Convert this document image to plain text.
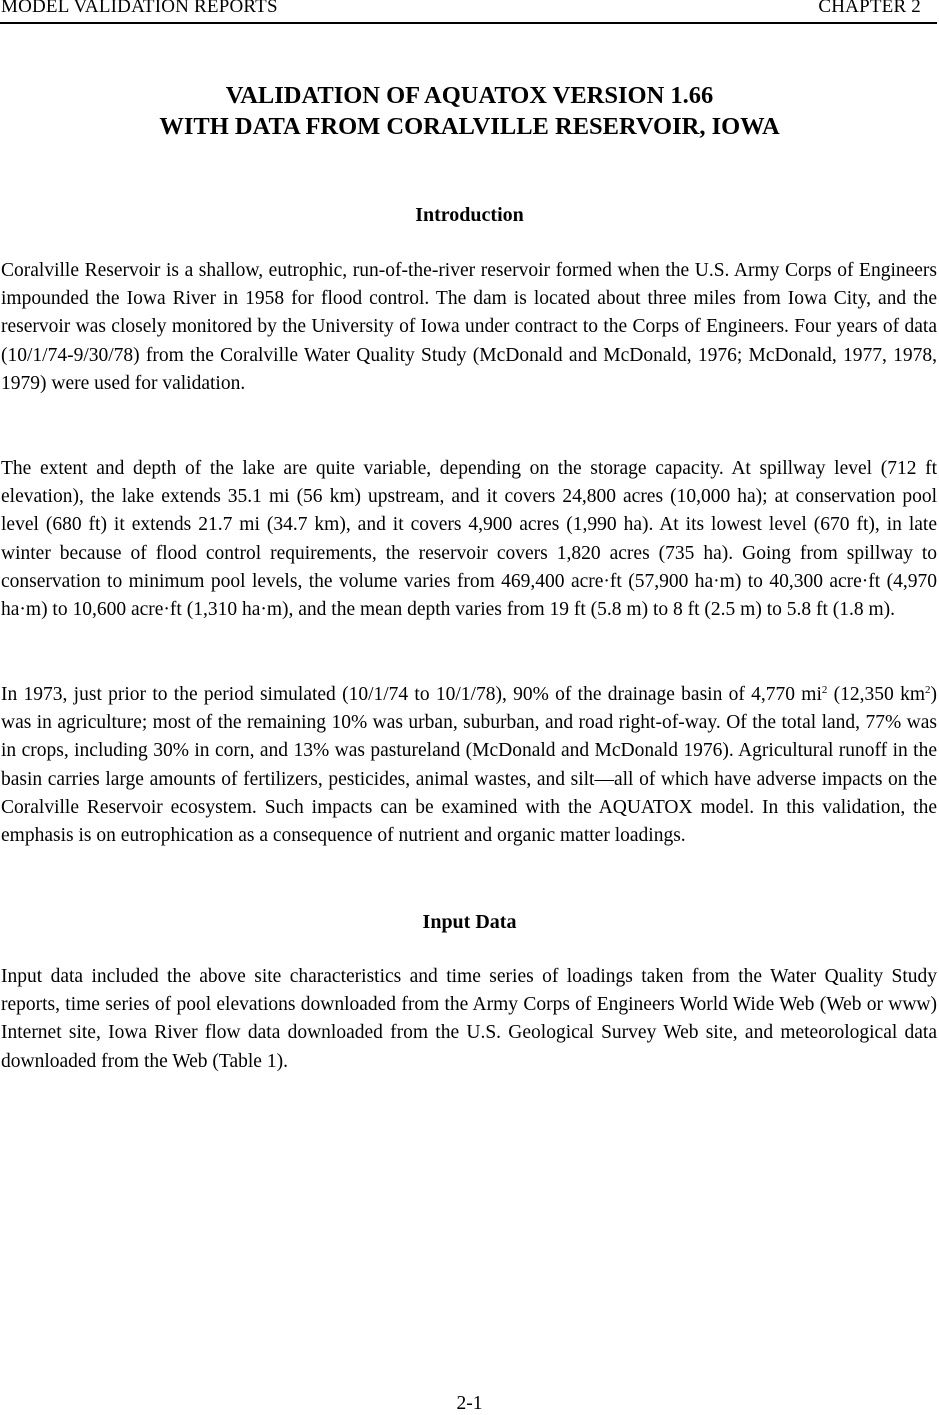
MODEL VALIDATION REPORTS	CHAPTER 2
VALIDATION OF AQUATOX VERSION 1.66
WITH DATA FROM CORALVILLE RESERVOIR, IOWA
Introduction

Coralville Reservoir is a shallow, eutrophic, run-of-the-river reservoir formed when the U.S. Army Corps of Engineers impounded the Iowa River in 1958 for flood control. The dam is located about three miles from Iowa City, and the reservoir was closely monitored by the University of Iowa under contract to the Corps of Engineers. Four years of data (10/1/74-9/30/78) from the Coralville Water Quality Study (McDonald and McDonald, 1976; McDonald, 1977, 1978, 1979) were used for validation.

The extent and depth of the lake are quite variable, depending on the storage capacity. At spillway level (712 ft elevation), the lake extends 35.1 mi (56 km) upstream, and it covers 24,800 acres (10,000 ha); at conservation pool level (680 ft) it extends 21.7 mi (34.7 km), and it covers 4,900 acres (1,990 ha). At its lowest level (670 ft), in late winter because of flood control requirements, the reservoir covers 1,820 acres (735 ha). Going from spillway to conservation to minimum pool levels, the volume varies from 469,400 acre·ft (57,900 ha·m) to 40,300 acre·ft (4,970 ha·m) to 10,600 acre·ft (1,310 ha·m), and the mean depth varies from 19 ft (5.8 m) to 8 ft (2.5 m) to 5.8 ft (1.8 m).

In 1973, just prior to the period simulated (10/1/74 to 10/1/78), 90% of the drainage basin of 4,770 $mi^2$ (12,350 $km^2$) was in agriculture; most of the remaining 10% was urban, suburban, and road right-of-way. Of the total land, 77% was in crops, including 30% in corn, and 13% was pastureland (McDonald and McDonald 1976). Agricultural runoff in the basin carries large amounts of fertilizers, pesticides, animal wastes, and silt—all of which have adverse impacts on the Coralville Reservoir ecosystem. Such impacts can be examined with the AQUATOX model. In this validation, the emphasis is on eutrophication as a consequence of nutrient and organic matter loadings.

Input Data

Input data included the above site characteristics and time series of loadings taken from the Water Quality Study reports, time series of pool elevations downloaded from the Army Corps of Engineers World Wide Web (Web or www) Internet site, Iowa River flow data downloaded from the U.S. Geological Survey Web site, and meteorological data downloaded from the Web (Table 1).

2-1
